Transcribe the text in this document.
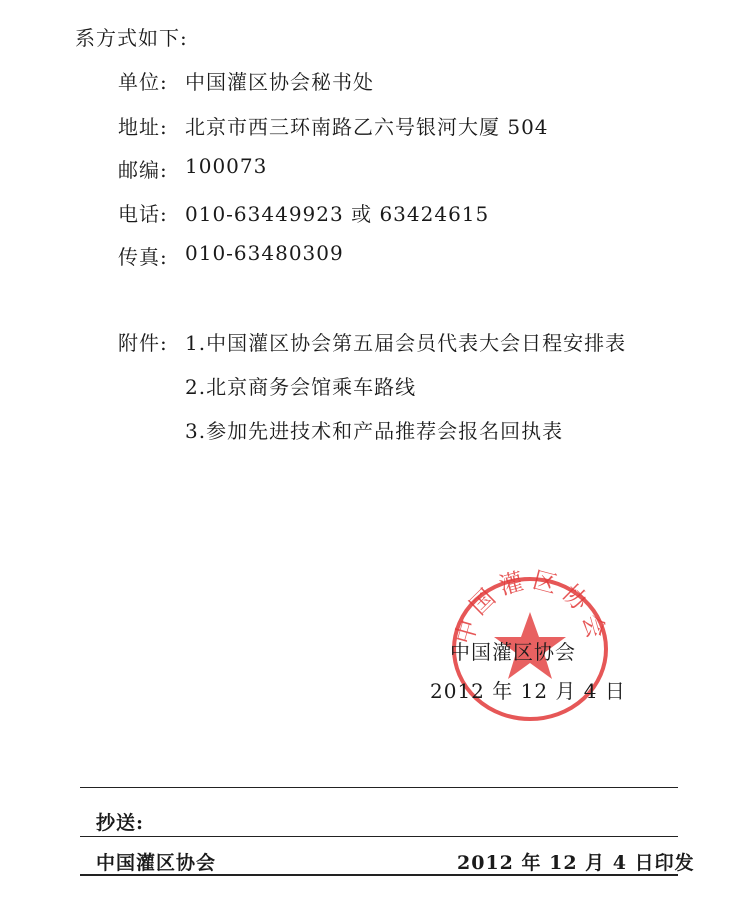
系方式如下:
单位: 中国灌区协会秘书处
地址: 北京市西三环南路乙六号银河大厦 504
邮编: 100073
电话: 010-63449923 或 63424615
传真: 010-63480309
附件: 1.中国灌区协会第五届会员代表大会日程安排表
2.北京商务会馆乘车路线
3.参加先进技术和产品推荐会报名回执表
中国灌区协会
中国灌区协会
2012 年 12 月 4 日
抄送:
中国灌区协会	2012 年 12 月 4 日印发
